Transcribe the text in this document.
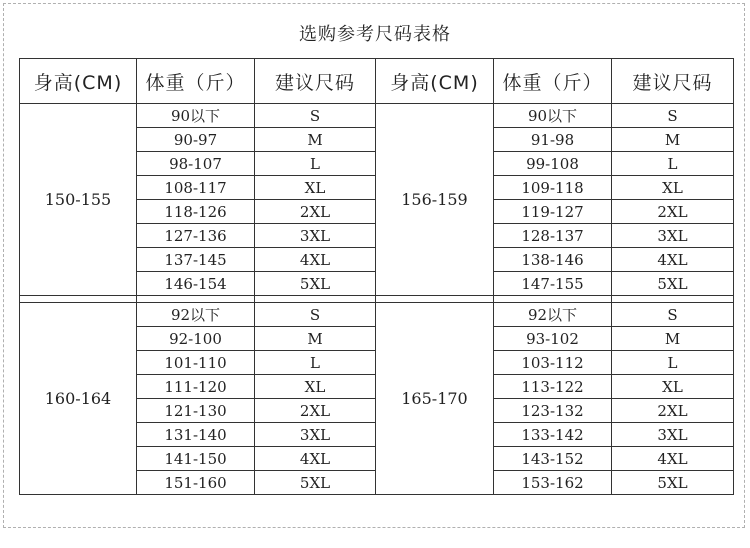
选购参考尺码表格
身高(CM)	体重（斤）	建议尺码	身高(CM)	体重（斤）	建议尺码
150-155	90以下	S	156-159	90以下	S
	90-97	M		91-98	M
	98-107	L		99-108	L
	108-117	XL		109-118	XL
	118-126	2XL		119-127	2XL
	127-136	3XL		128-137	3XL
	137-145	4XL		138-146	4XL
	146-154	5XL		147-155	5XL

160-164	92以下	S	165-170	92以下	S
	92-100	M		93-102	M
	101-110	L		103-112	L
	111-120	XL		113-122	XL
	121-130	2XL		123-132	2XL
	131-140	3XL		133-142	3XL
	141-150	4XL		143-152	4XL
	151-160	5XL		153-162	5XL
